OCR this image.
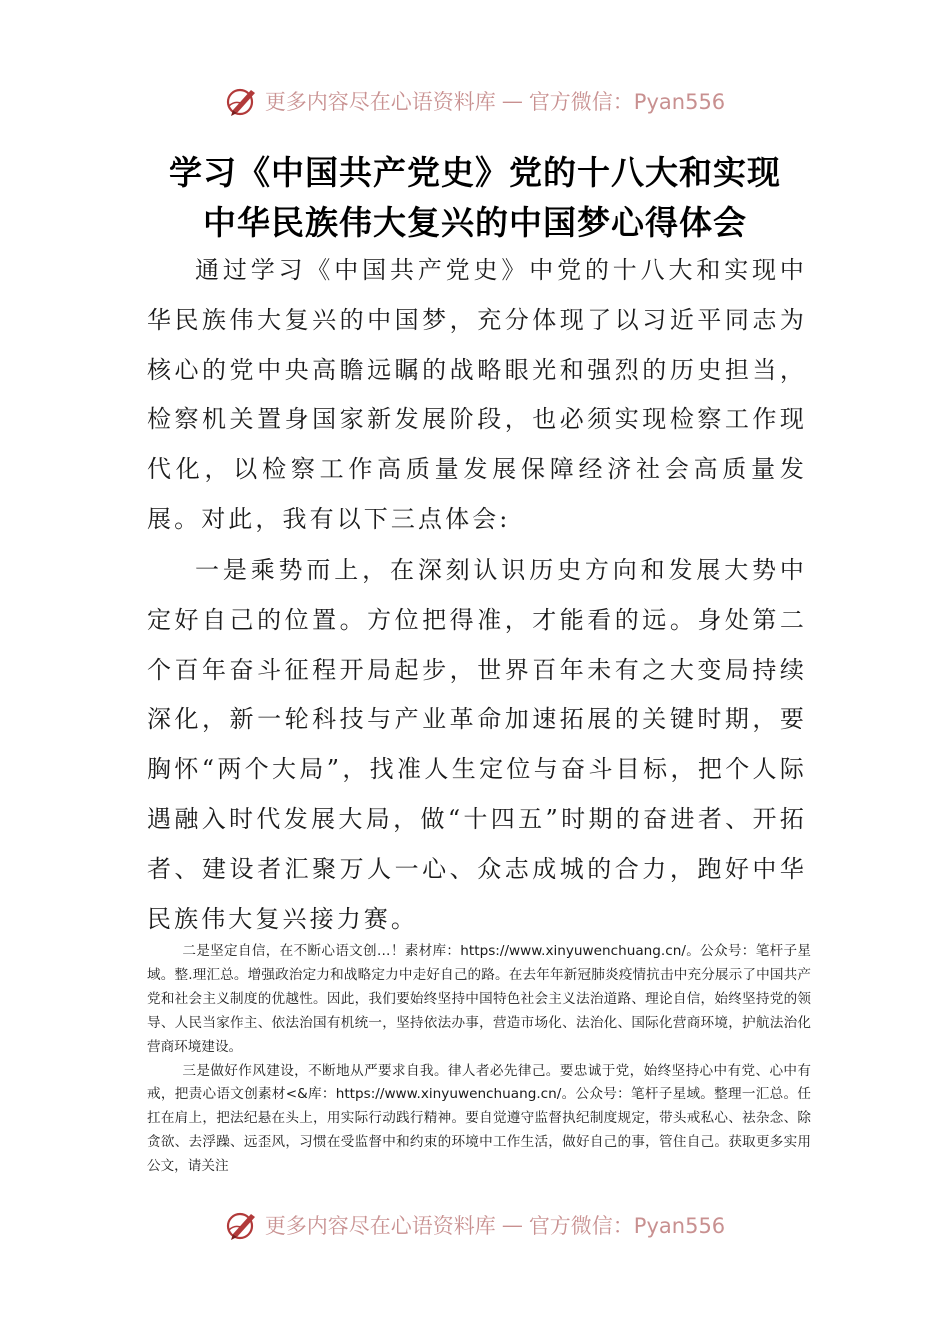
更多内容尽在心语资料库 — 官方微信：Pyan556
学习《中国共产党史》党的十八大和实现
中华民族伟大复兴的中国梦心得体会

通过学习《中国共产党史》中党的十八大和实现中华民族伟大复兴的中国梦，充分体现了以习近平同志为核心的党中央高瞻远瞩的战略眼光和强烈的历史担当，检察机关置身国家新发展阶段，也必须实现检察工作现代化，以检察工作高质量发展保障经济社会高质量发展。对此，我有以下三点体会:

一是乘势而上，在深刻认识历史方向和发展大势中定好自己的位置。方位把得准，才能看的远。身处第二个百年奋斗征程开局起步，世界百年未有之大变局持续深化，新一轮科技与产业革命加速拓展的关键时期，要胸怀“两个大局”，找准人生定位与奋斗目标，把个人际遇融入时代发展大局，做“十四五”时期的奋进者、开拓者、建设者汇聚万人一心、众志成城的合力，跑好中华民族伟大复兴接力赛。

二是坚定自信，在不断心语文创…！素材库：https://www.xinyuwenchuang.cn/。公众号：笔杆子星域。整.理汇总。增强政治定力和战略定力中走好自己的路。在去年年新冠肺炎疫情抗击中充分展示了中国共产党和社会主义制度的优越性。因此，我们要始终坚持中国特色社会主义法治道路、理论自信，始终坚持党的领导、人民当家作主、依法治国有机统一，坚持依法办事，营造市场化、法治化、国际化营商环境，护航法治化营商环境建设。

三是做好作风建设，不断地从严要求自我。律人者必先律己。要忠诚于党，始终坚持心中有党、心中有戒，把责心语文创素材<&库：https://www.xinyuwenchuang.cn/。公众号：笔杆子星域。整理一汇总。任扛在肩上，把法纪悬在头上，用实际行动践行精神。要自觉遵守监督执纪制度规定，带头戒私心、祛杂念、除贪欲、去浮躁、远歪风，习惯在受监督中和约束的环境中工作生活，做好自己的事，管住自己。获取更多实用公文，请关注

更多内容尽在心语资料库 — 官方微信：Pyan556
